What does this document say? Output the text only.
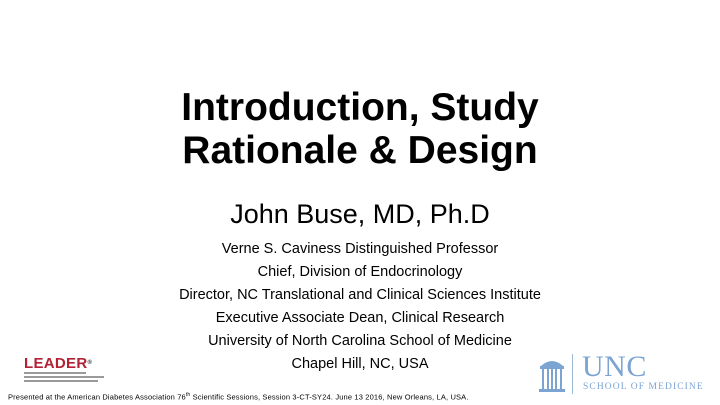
Introduction, Study
Rationale & Design
John Buse, MD, Ph.D
Verne S. Caviness Distinguished Professor
Chief, Division of Endocrinology
Director, NC Translational and Clinical Sciences Institute
Executive Associate Dean, Clinical Research
University of North Carolina School of Medicine
Chapel Hill, NC, USA
LEADER®	UNC
SCHOOL OF MEDICINE
Presented at the American Diabetes Association 76th Scientific Sessions, Session 3-CT-SY24. June 13 2016, New Orleans, LA, USA.
